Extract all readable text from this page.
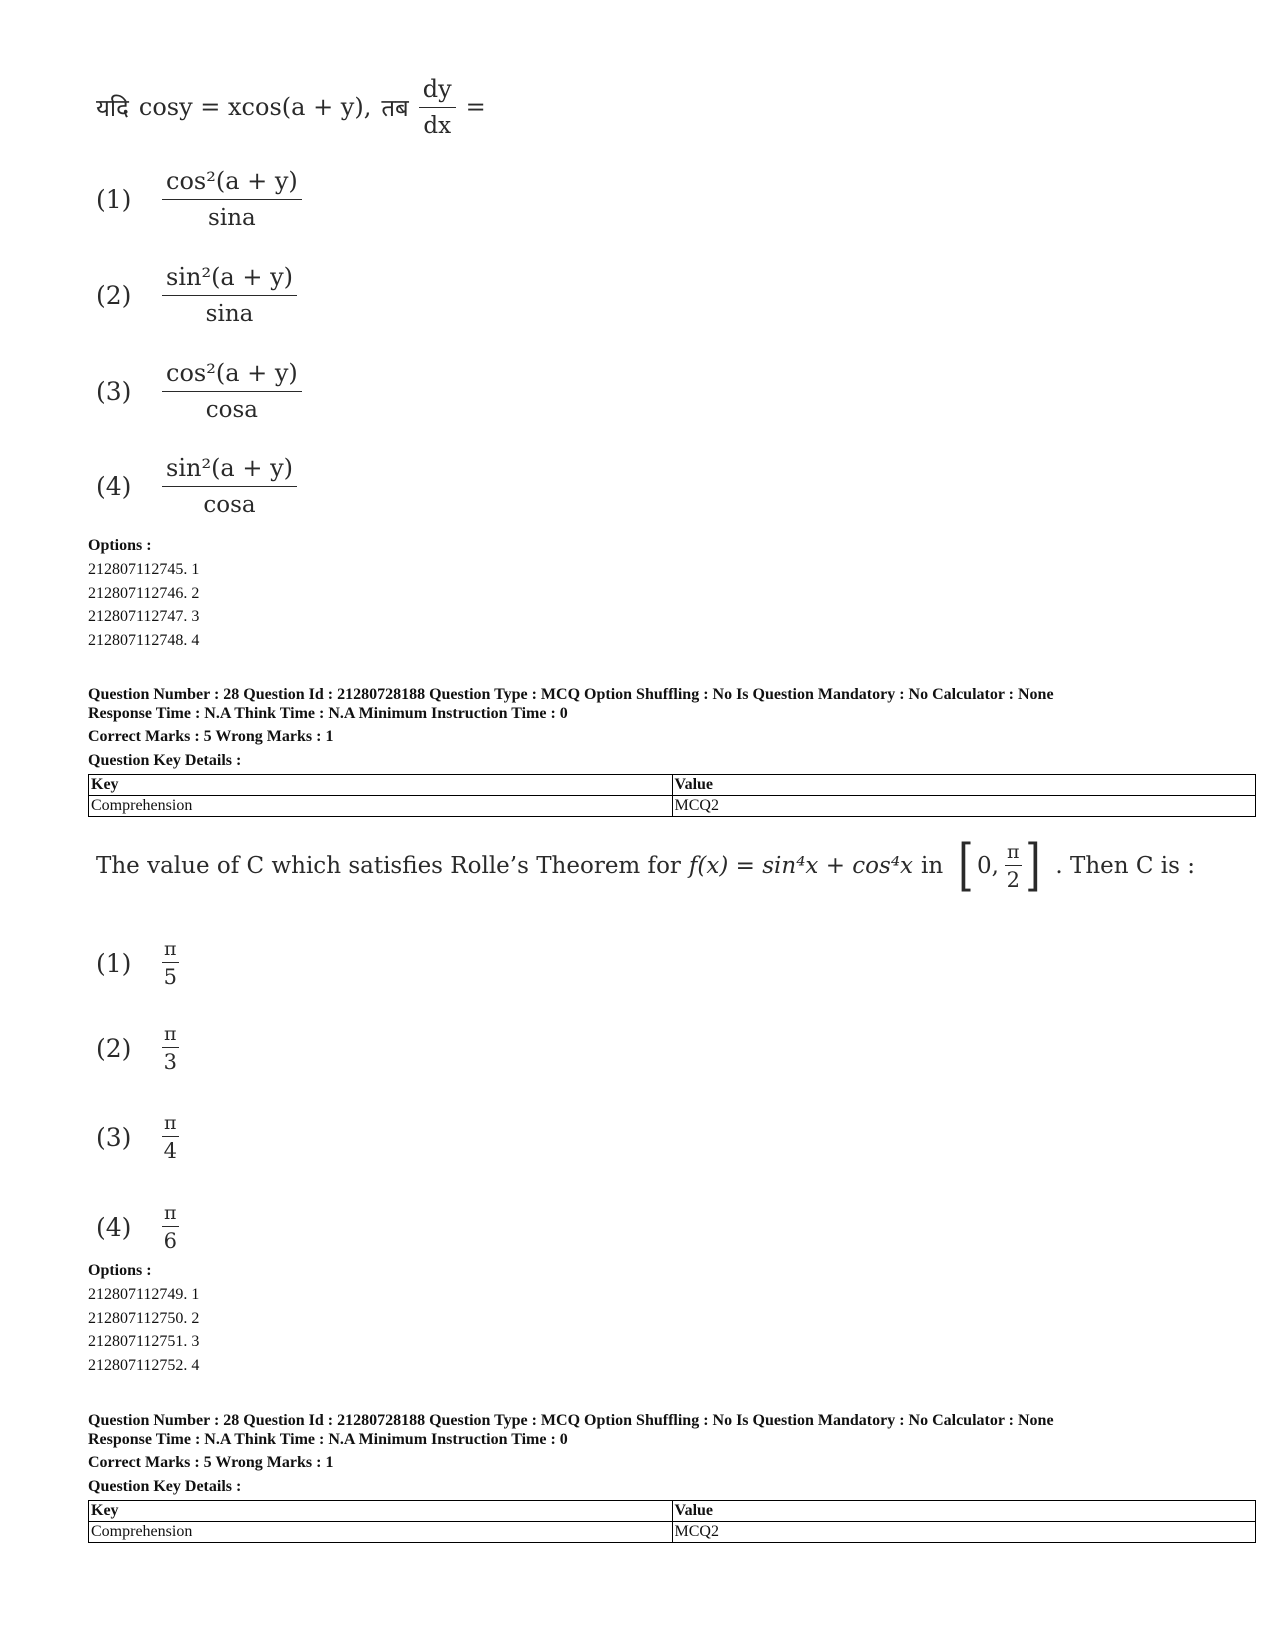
यदि cosy = xcos(a + y), तब $\frac{dy}{dx}$ =
(1)	$\frac{\text{cos²(a + y)}}{\sin a}$
(2)	$\frac{\text{sin²(a + y)}}{\sin a}$
(3)	$\frac{\text{cos²(a + y)}}{\cos a}$
(4)	$\frac{\text{sin²(a + y)}}{\cos a}$
Options :
212807112745. 1
212807112746. 2
212807112747. 3
212807112748. 4
Question Number : 28 Question Id : 21280728188 Question Type : MCQ Option Shuffling : No Is Question Mandatory : No Calculator : None
Response Time : N.A Think Time : N.A Minimum Instruction Time : 0
Correct Marks : 5 Wrong Marks : 1
Question Key Details :
Key	Value
Comprehension	MCQ2
The value of C which satisfies Rolle’s Theorem for f(x) = sin⁴x + cos⁴x in [ 0, $\frac{\pi}{2}$ ] . Then C is :
(1)	$\frac{\pi}{5}$
(2)	$\frac{\pi}{3}$
(3)	$\frac{\pi}{4}$
(4)	$\frac{\pi}{6}$
Options :
212807112749. 1
212807112750. 2
212807112751. 3
212807112752. 4
Question Number : 28 Question Id : 21280728188 Question Type : MCQ Option Shuffling : No Is Question Mandatory : No Calculator : None
Response Time : N.A Think Time : N.A Minimum Instruction Time : 0
Correct Marks : 5 Wrong Marks : 1
Question Key Details :
Key	Value
Comprehension	MCQ2
